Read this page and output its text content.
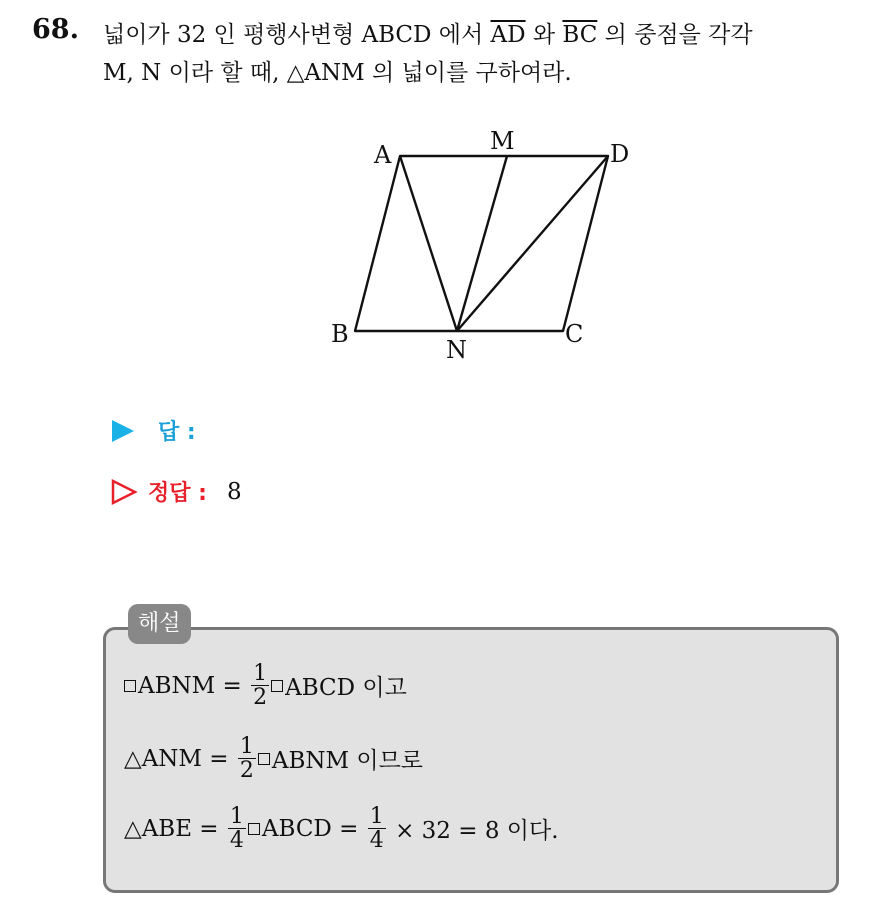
68. 넓이가 32 인 평행사변형 ABCD 에서 $\overline{AD}$ 와 $\overline{BC}$ 의 중점을 각각
M, N 이라 할 때, △ANM 의 넓이를 구하여라.
A	M	D
B
N
C
답 :
정답 : 8
해설
ABNM =
$\frac{1}{2}$ ABCD 이고
△ANM =
$\frac{1}{2}$ ABNM 이므로
△ABE =
$\frac{1}{4}$ ABCD =
$\frac{1}{4}$
× 32 = 8 이다.
